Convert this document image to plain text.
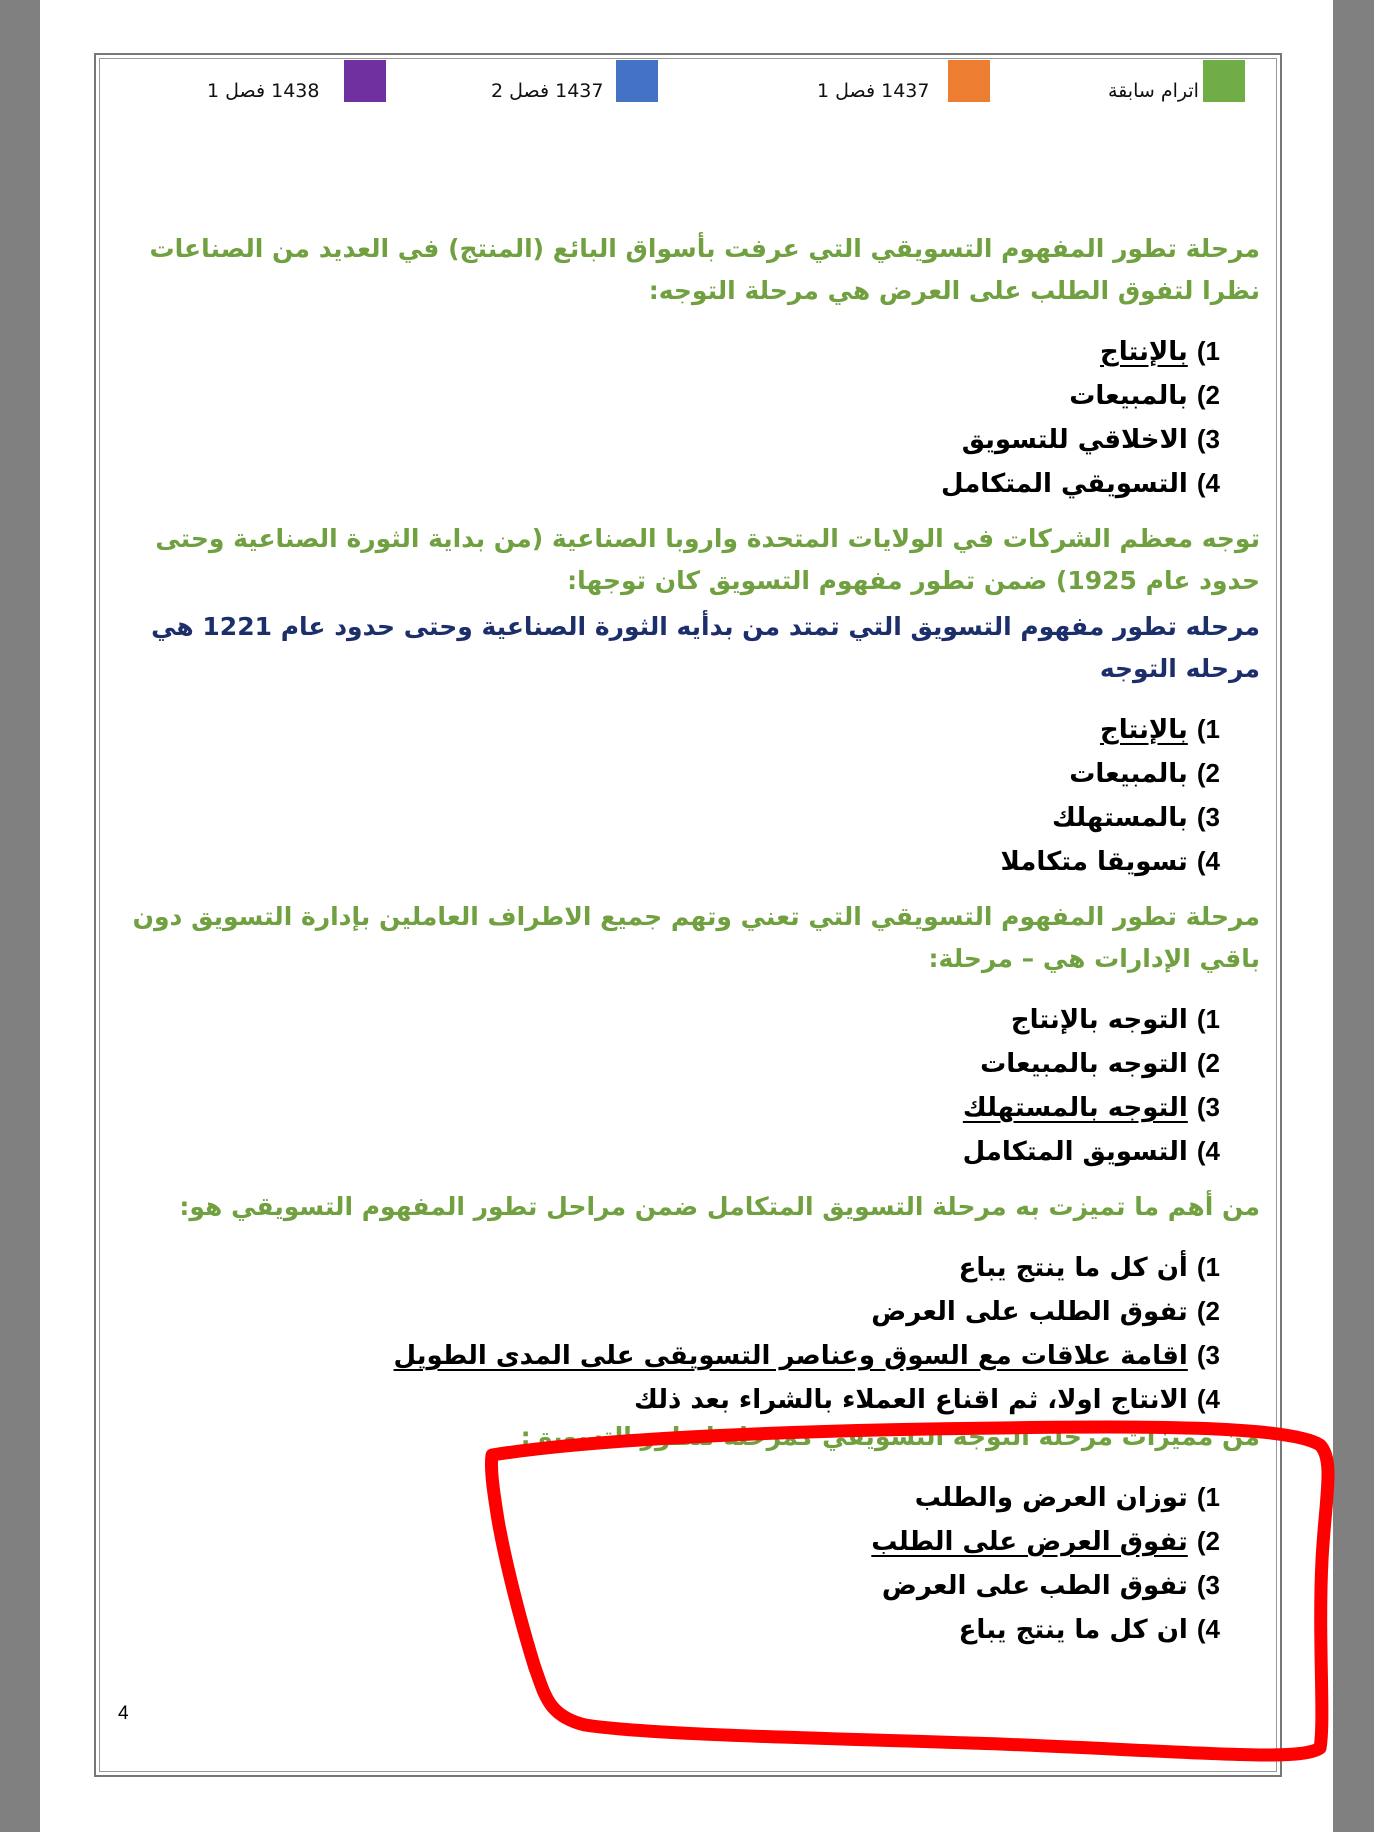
اترام سابقة
1437 فصل 1
1437 فصل 2
1438 فصل 1

مرحلة تطور المفهوم التسويقي التي عرفت بأسواق البائع (المنتج) في العديد من الصناعات نظرا لتفوق الطلب على العرض هي مرحلة التوجه:

1) بالإنتاج
2) بالمبيعات
3) الاخلاقي للتسويق
4) التسويقي المتكامل

توجه معظم الشركات في الولايات المتحدة واروبا الصناعية (من بداية الثورة الصناعية وحتى حدود عام 1925) ضمن تطور مفهوم التسويق كان توجها:

مرحله تطور مفهوم التسويق التي تمتد من بدأيه الثورة الصناعية وحتى حدود عام 1221 هي مرحله التوجه

1) بالإنتاج
2) بالمبيعات
3) بالمستهلك
4) تسويقا متكاملا

مرحلة تطور المفهوم التسويقي التي تعني وتهم جميع الاطراف العاملين بإدارة التسويق دون باقي الإدارات هي – مرحلة:

1) التوجه بالإنتاج
2) التوجه بالمبيعات
3) التوجه بالمستهلك
4) التسويق المتكامل

من أهم ما تميزت به مرحلة التسويق المتكامل ضمن مراحل تطور المفهوم التسويقي هو:

1) أن كل ما ينتج يباع
2) تفوق الطلب على العرض
3) اقامة علاقات مع السوق وعناصر التسويقى على المدى الطويل
4) الانتاج اولا، ثم اقناع العملاء بالشراء بعد ذلك

من مميزات مرحله التوجه التسويقي كمرحله لتطور التسويق:

1) توزان العرض والطلب
2) تفوق العرض على الطلب
3) تفوق الطب على العرض
4) ان كل ما ينتج يباع
4
